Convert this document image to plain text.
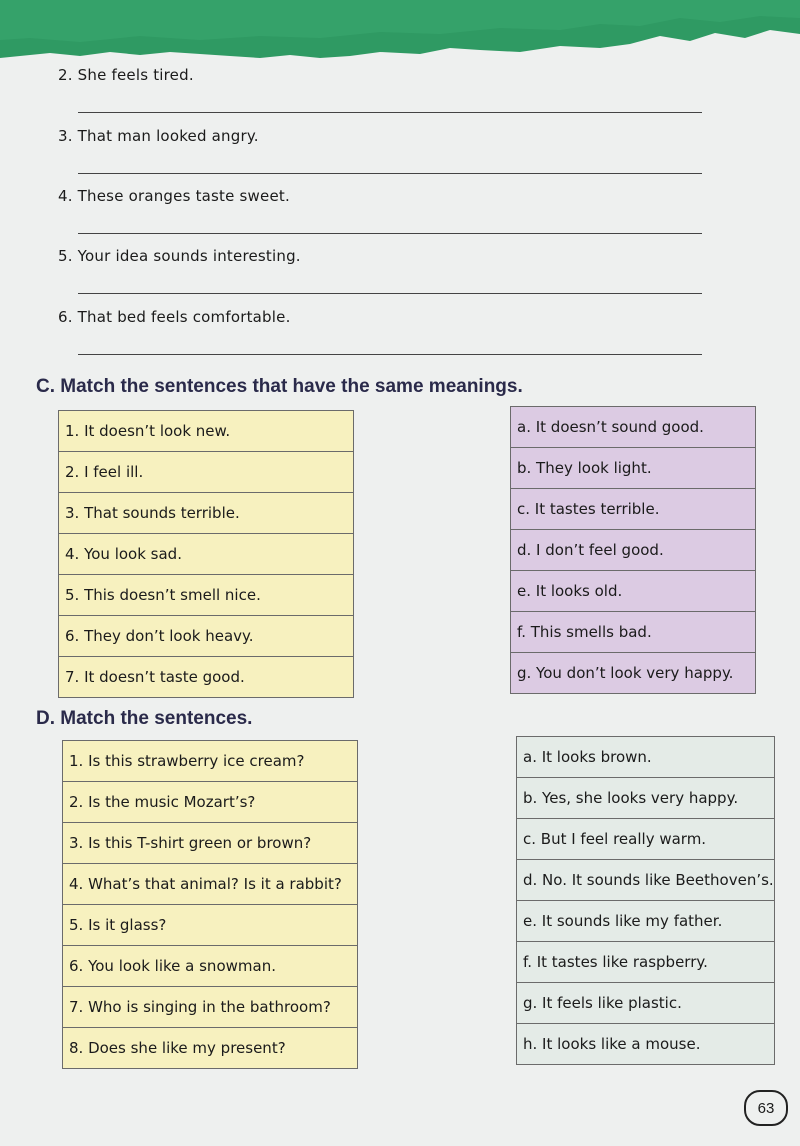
2. She feels tired.
3. That man looked angry.
4. These oranges taste sweet.
5. Your idea sounds interesting.
6. That bed feels comfortable.
C. Match the sentences that have the same meanings.
1. It doesn’t look new.
2. I feel ill.
3. That sounds terrible.
4. You look sad.
5. This doesn’t smell nice.
6. They don’t look heavy.
7. It doesn’t taste good.
a. It doesn’t sound good.
b. They look light.
c. It tastes terrible.
d. I don’t feel good.
e. It looks old.
f. This smells bad.
g. You don’t look very happy.
D. Match the sentences.
1. Is this strawberry ice cream?
2. Is the music Mozart’s?
3. Is this T-shirt green or brown?
4. What’s that animal? Is it a rabbit?
5. Is it glass?
6. You look like a snowman.
7. Who is singing in the bathroom?
8. Does she like my present?
a. It looks brown.
b. Yes, she looks very happy.
c. But I feel really warm.
d. No. It sounds like Beethoven’s.
e. It sounds like my father.
f. It tastes like raspberry.
g. It feels like plastic.
h. It looks like a mouse.
63
